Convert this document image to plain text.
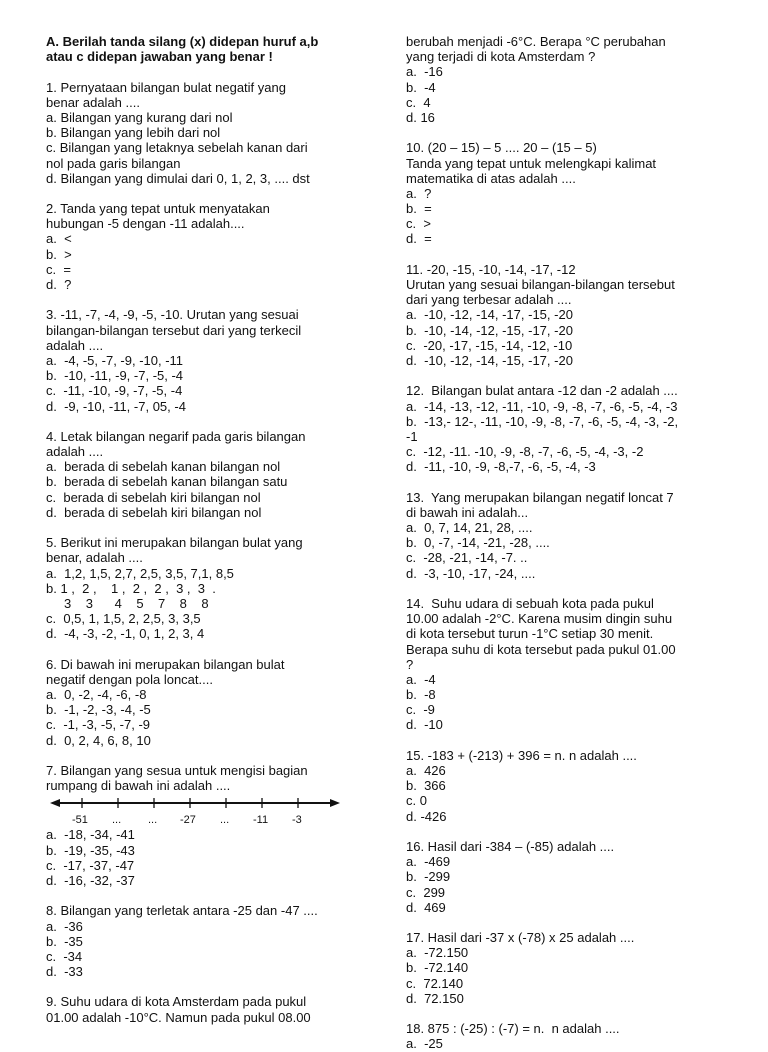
A. Berilah tanda silang (x) didepan huruf a,b
atau c didepan jawaban yang benar !
1. Pernyataan bilangan bulat negatif yang
benar adalah ....
a. Bilangan yang kurang dari nol
b. Bilangan yang lebih dari nol
c. Bilangan yang letaknya sebelah kanan dari
nol pada garis bilangan
d. Bilangan yang dimulai dari 0, 1, 2, 3, .... dst
2. Tanda yang tepat untuk menyatakan
hubungan -5 dengan -11 adalah....
a.  <
b.  >
c.  =
d.  ?
3. -11, -7, -4, -9, -5, -10. Urutan yang sesuai
bilangan-bilangan tersebut dari yang terkecil
adalah ....
a.  -4, -5, -7, -9, -10, -11
b.  -10, -11, -9, -7, -5, -4
c.  -11, -10, -9, -7, -5, -4
d.  -9, -10, -11, -7, 05, -4
4. Letak bilangan negarif pada garis bilangan
adalah ....
a.  berada di sebelah kanan bilangan nol
b.  berada di sebelah kanan bilangan satu
c.  berada di sebelah kiri bilangan nol
d.  berada di sebelah kiri bilangan nol
5. Berikut ini merupakan bilangan bulat yang
benar, adalah ....
a.  1,2, 1,5, 2,7, 2,5, 3,5, 7,1, 8,5
b. 1 ,  2 ,    1 ,  2 ,  2 ,  3 ,  3  .
3    3      4    5    7    8    8
c.  0,5, 1, 1,5, 2, 2,5, 3, 3,5
d.  -4, -3, -2, -1, 0, 1, 2, 3, 4
6. Di bawah ini merupakan bilangan bulat
negatif dengan pola loncat....
a.  0, -2, -4, -6, -8
b.  -1, -2, -3, -4, -5
c.  -1, -3, -5, -7, -9
d.  0, 2, 4, 6, 8, 10
7. Bilangan yang sesua untuk mengisi bagian
rumpang di bawah ini adalah ....
-51 ... ... -27 ... -11 -3
a.  -18, -34, -41
b.  -19, -35, -43
c.  -17, -37, -47
d.  -16, -32, -37
8. Bilangan yang terletak antara -25 dan -47 ....
a.  -36
b.  -35
c.  -34
d.  -33
9. Suhu udara di kota Amsterdam pada pukul
01.00 adalah -10°C. Namun pada pukul 08.00
berubah menjadi -6°C. Berapa °C perubahan
yang terjadi di kota Amsterdam ?
a.  -16
b.  -4
c.  4
d. 16
10. (20 – 15) – 5 .... 20 – (15 – 5)
Tanda yang tepat untuk melengkapi kalimat
matematika di atas adalah ....
a.  ?
b.  =
c.  >
d.  =
11. -20, -15, -10, -14, -17, -12
Urutan yang sesuai bilangan-bilangan tersebut
dari yang terbesar adalah ....
a.  -10, -12, -14, -17, -15, -20
b.  -10, -14, -12, -15, -17, -20
c.  -20, -17, -15, -14, -12, -10
d.  -10, -12, -14, -15, -17, -20
12.  Bilangan bulat antara -12 dan -2 adalah ....
a.  -14, -13, -12, -11, -10, -9, -8, -7, -6, -5, -4, -3
b.  -13,- 12-, -11, -10, -9, -8, -7, -6, -5, -4, -3, -2,
-1
c.  -12, -11. -10, -9, -8, -7, -6, -5, -4, -3, -2
d.  -11, -10, -9, -8,-7, -6, -5, -4, -3
13.  Yang merupakan bilangan negatif loncat 7
di bawah ini adalah...
a.  0, 7, 14, 21, 28, ....
b.  0, -7, -14, -21, -28, ....
c.  -28, -21, -14, -7. ..
d.  -3, -10, -17, -24, ....
14.  Suhu udara di sebuah kota pada pukul
10.00 adalah -2°C. Karena musim dingin suhu
di kota tersebut turun -1°C setiap 30 menit.
Berapa suhu di kota tersebut pada pukul 01.00
?
a.  -4
b.  -8
c.  -9
d.  -10
15. -183 + (-213) + 396 = n. n adalah ....
a.  426
b.  366
c. 0
d. -426
16. Hasil dari -384 – (-85) adalah ....
a.  -469
b.  -299
c.  299
d.  469
17. Hasil dari -37 x (-78) x 25 adalah ....
a.  -72.150
b.  -72.140
c.  72.140
d.  72.150
18. 875 : (-25) : (-7) = n.  n adalah ....
a.  -25
